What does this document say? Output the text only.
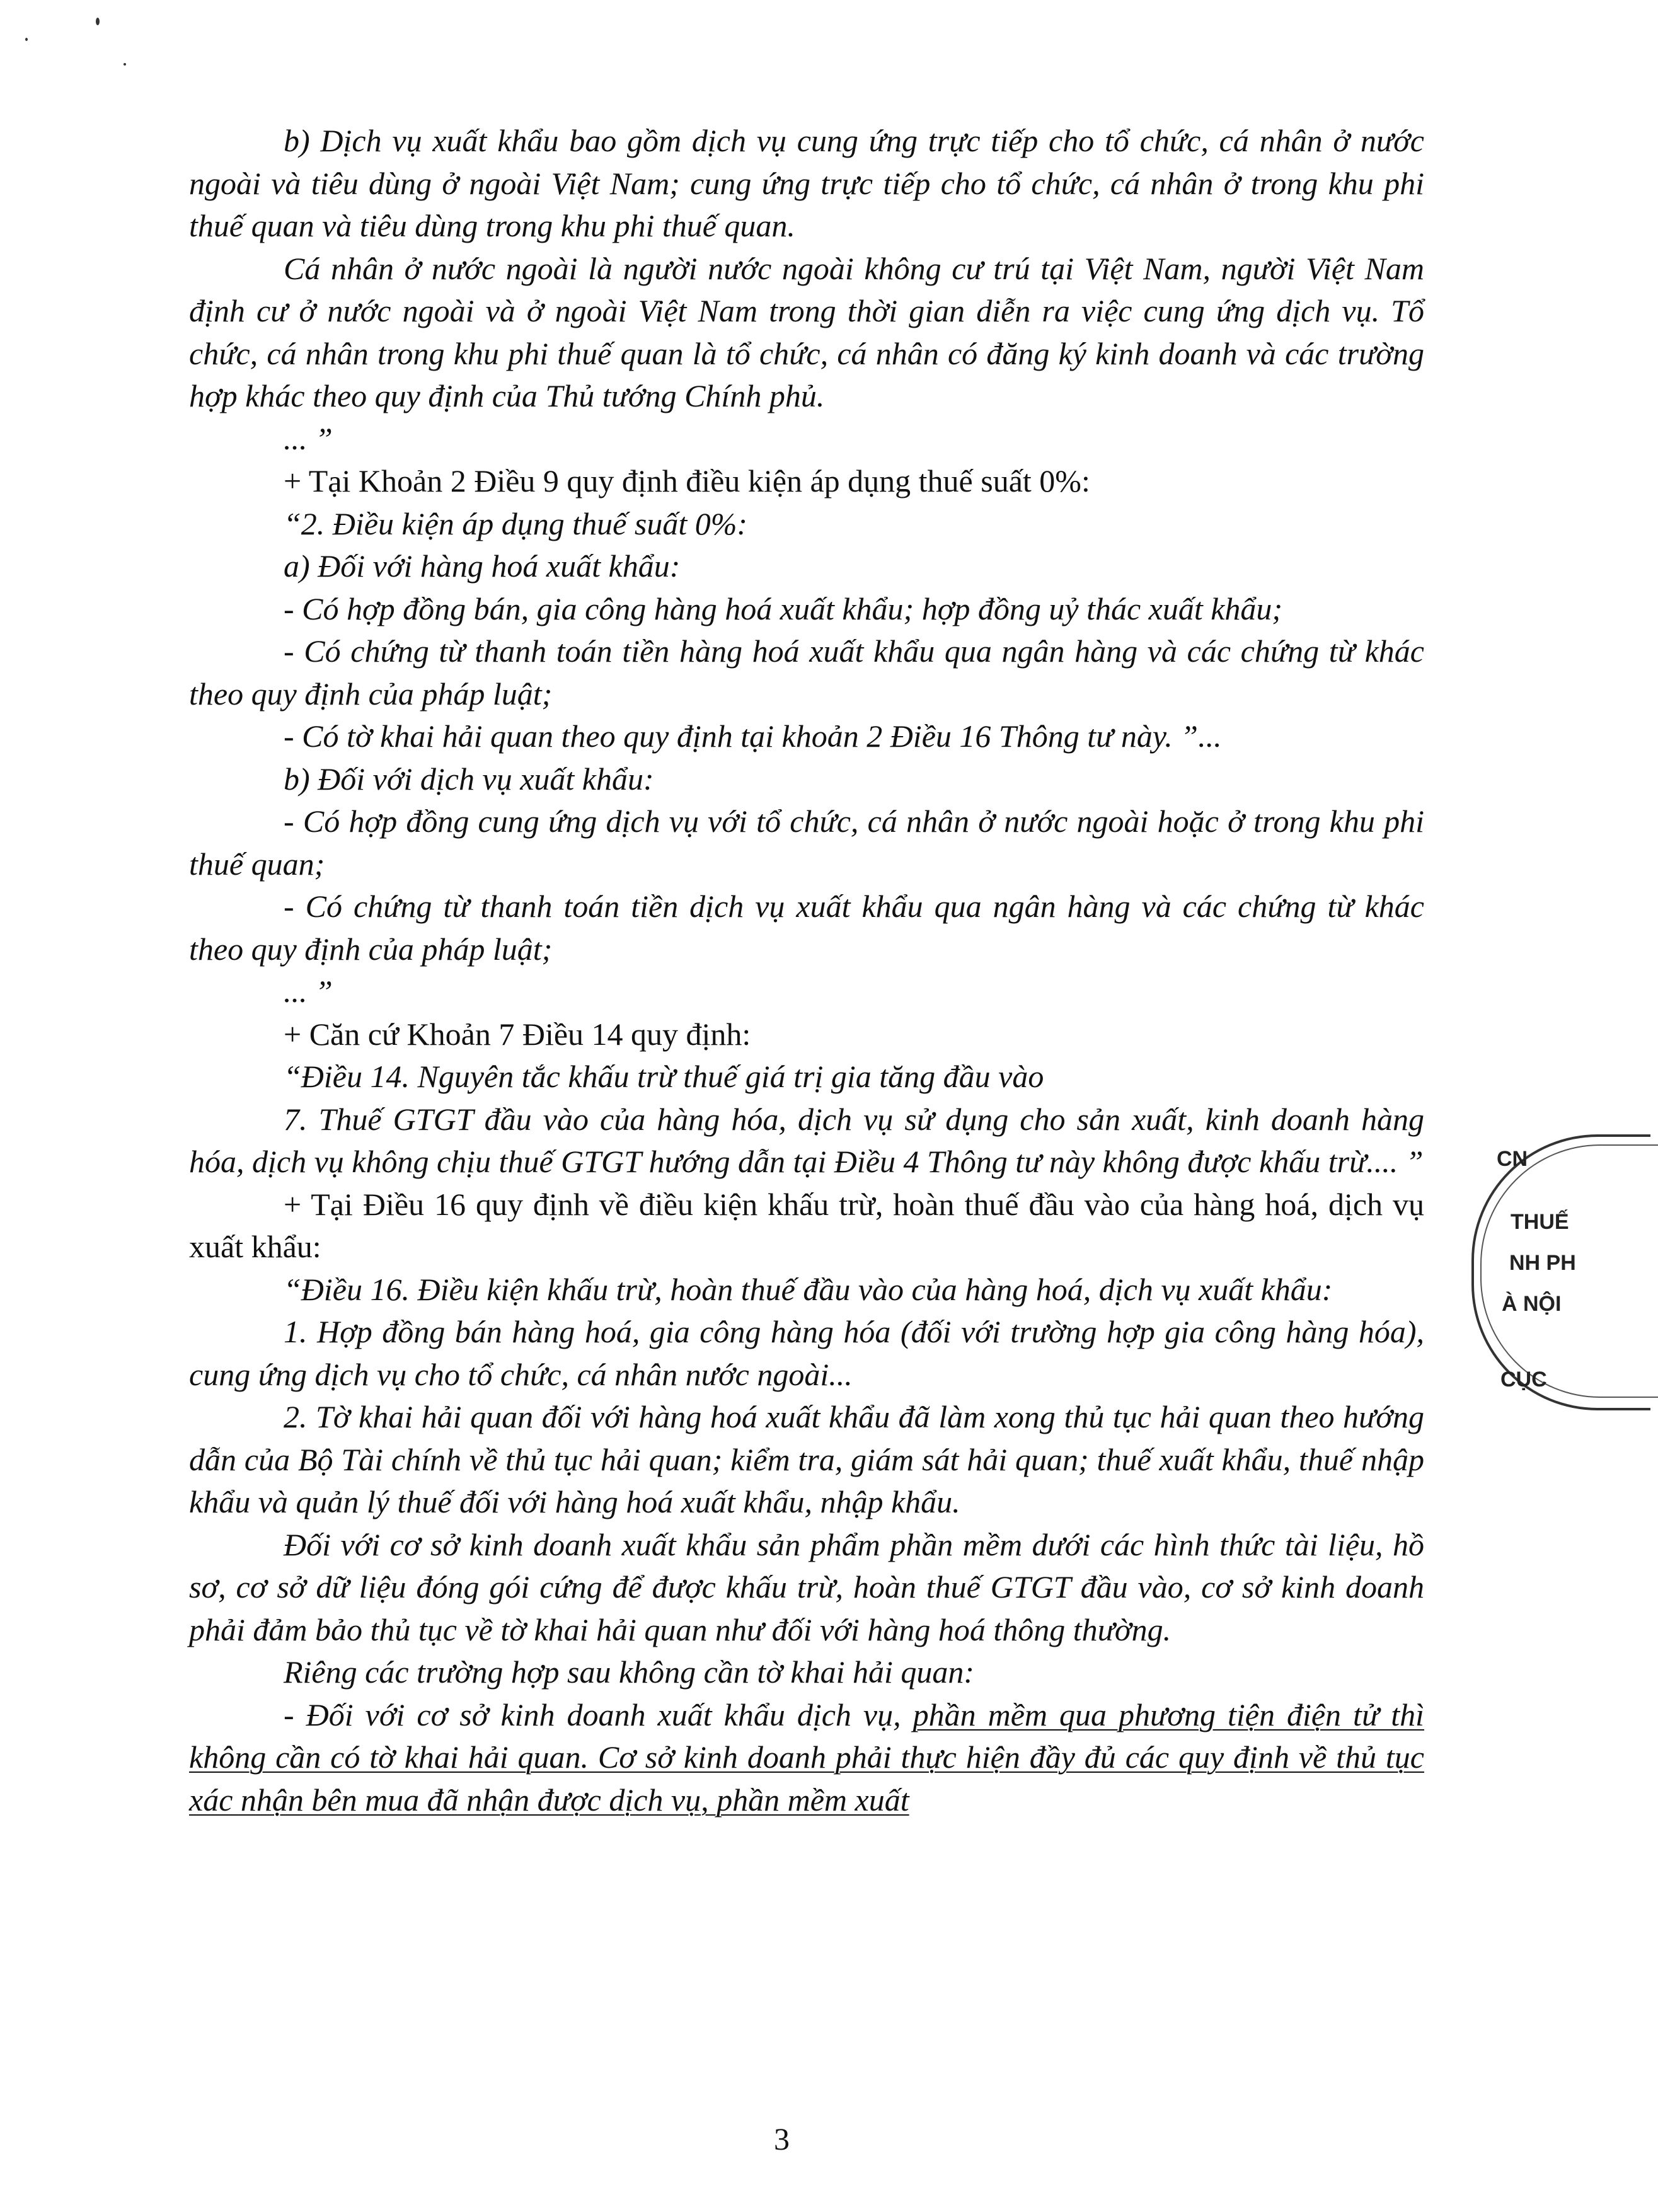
b) Dịch vụ xuất khẩu bao gồm dịch vụ cung ứng trực tiếp cho tổ chức, cá nhân ở nước ngoài và tiêu dùng ở ngoài Việt Nam; cung ứng trực tiếp cho tổ chức, cá nhân ở trong khu phi thuế quan và tiêu dùng trong khu phi thuế quan.

Cá nhân ở nước ngoài là người nước ngoài không cư trú tại Việt Nam, người Việt Nam định cư ở nước ngoài và ở ngoài Việt Nam trong thời gian diễn ra việc cung ứng dịch vụ. Tổ chức, cá nhân trong khu phi thuế quan là tổ chức, cá nhân có đăng ký kinh doanh và các trường hợp khác theo quy định của Thủ tướng Chính phủ.

... ”

+ Tại Khoản 2 Điều 9 quy định điều kiện áp dụng thuế suất 0%:

“2. Điều kiện áp dụng thuế suất 0%:

a) Đối với hàng hoá xuất khẩu:

- Có hợp đồng bán, gia công hàng hoá xuất khẩu; hợp đồng uỷ thác xuất khẩu;

- Có chứng từ thanh toán tiền hàng hoá xuất khẩu qua ngân hàng và các chứng từ khác theo quy định của pháp luật;

- Có tờ khai hải quan theo quy định tại khoản 2 Điều 16 Thông tư này. ”...

b) Đối với dịch vụ xuất khẩu:

- Có hợp đồng cung ứng dịch vụ với tổ chức, cá nhân ở nước ngoài hoặc ở trong khu phi thuế quan;

- Có chứng từ thanh toán tiền dịch vụ xuất khẩu qua ngân hàng và các chứng từ khác theo quy định của pháp luật;

... ”

+ Căn cứ Khoản 7 Điều 14 quy định:

“Điều 14. Nguyên tắc khấu trừ thuế giá trị gia tăng đầu vào

7. Thuế GTGT đầu vào của hàng hóa, dịch vụ sử dụng cho sản xuất, kinh doanh hàng hóa, dịch vụ không chịu thuế GTGT hướng dẫn tại Điều 4 Thông tư này không được khấu trừ.... ”

+ Tại Điều 16 quy định về điều kiện khấu trừ, hoàn thuế đầu vào của hàng hoá, dịch vụ xuất khẩu:

“Điều 16. Điều kiện khấu trừ, hoàn thuế đầu vào của hàng hoá, dịch vụ xuất khẩu:

1. Hợp đồng bán hàng hoá, gia công hàng hóa (đối với trường hợp gia công hàng hóa), cung ứng dịch vụ cho tổ chức, cá nhân nước ngoài...

2. Tờ khai hải quan đối với hàng hoá xuất khẩu đã làm xong thủ tục hải quan theo hướng dẫn của Bộ Tài chính về thủ tục hải quan; kiểm tra, giám sát hải quan; thuế xuất khẩu, thuế nhập khẩu và quản lý thuế đối với hàng hoá xuất khẩu, nhập khẩu.

Đối với cơ sở kinh doanh xuất khẩu sản phẩm phần mềm dưới các hình thức tài liệu, hồ sơ, cơ sở dữ liệu đóng gói cứng để được khấu trừ, hoàn thuế GTGT đầu vào, cơ sở kinh doanh phải đảm bảo thủ tục về tờ khai hải quan như đối với hàng hoá thông thường.

Riêng các trường hợp sau không cần tờ khai hải quan:

- Đối với cơ sở kinh doanh xuất khẩu dịch vụ, phần mềm qua phương tiện điện tử thì không cần có tờ khai hải quan. Cơ sở kinh doanh phải thực hiện đầy đủ các quy định về thủ tục xác nhận bên mua đã nhận được dịch vụ, phần mềm xuất

CN
THUẾ
NH PH
À NỘI
CỤC
3
